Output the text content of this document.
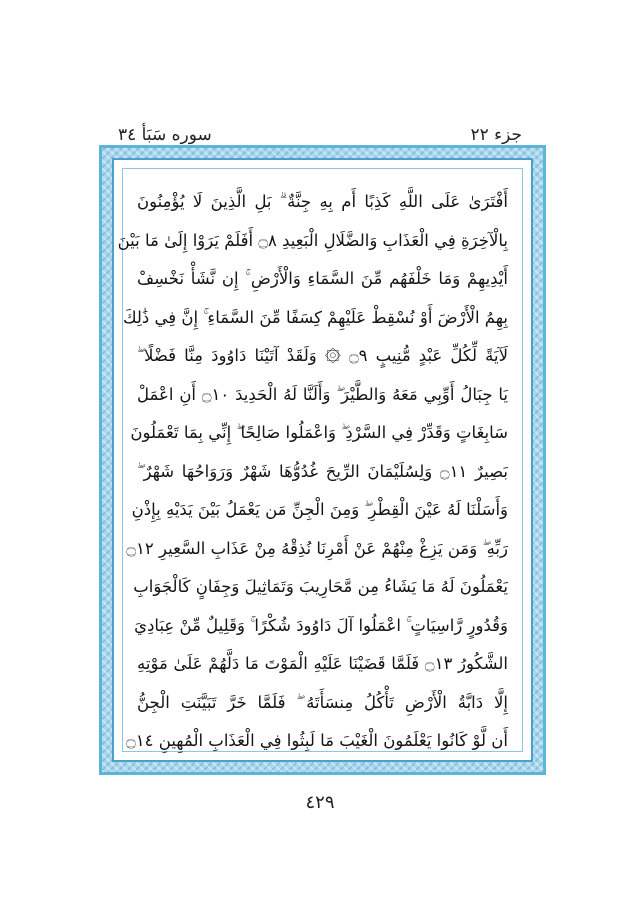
جزء ٢٢
سوره سَبَأ ٣٤
أَفْتَرَىٰ عَلَى اللَّهِ كَذِبًا أَم بِهِ جِنَّةٌ ۗ بَلِ الَّذِينَ لَا يُؤْمِنُونَ
بِالْآخِرَةِ فِي الْعَذَابِ وَالضَّلَالِ الْبَعِيدِ ۝٨ أَفَلَمْ يَرَوْا إِلَىٰ مَا بَيْنَ
أَيْدِيهِمْ وَمَا خَلْفَهُم مِّنَ السَّمَاءِ وَالْأَرْضِ ۚ إِن نَّشَأْ نَخْسِفْ
بِهِمُ الْأَرْضَ أَوْ نُسْقِطْ عَلَيْهِمْ كِسَفًا مِّنَ السَّمَاءِ ۚ إِنَّ فِي ذَٰلِكَ
لَآيَةً لِّكُلِّ عَبْدٍ مُّنِيبٍ ۝٩ ۞ وَلَقَدْ آتَيْنَا دَاوُودَ مِنَّا فَضْلًا ۖ
يَا جِبَالُ أَوِّبِي مَعَهُ وَالطَّيْرَ ۖ وَأَلَنَّا لَهُ الْحَدِيدَ ۝١٠ أَنِ اعْمَلْ
سَابِغَاتٍ وَقَدِّرْ فِي السَّرْدِ ۖ وَاعْمَلُوا صَالِحًا ۖ إِنِّي بِمَا تَعْمَلُونَ
بَصِيرٌ ۝١١ وَلِسُلَيْمَانَ الرِّيحَ غُدُوُّهَا شَهْرٌ وَرَوَاحُهَا شَهْرٌ ۖ
وَأَسَلْنَا لَهُ عَيْنَ الْقِطْرِ ۖ وَمِنَ الْجِنِّ مَن يَعْمَلُ بَيْنَ يَدَيْهِ بِإِذْنِ
رَبِّهِ ۖ وَمَن يَزِغْ مِنْهُمْ عَنْ أَمْرِنَا نُذِقْهُ مِنْ عَذَابِ السَّعِيرِ ۝١٢
يَعْمَلُونَ لَهُ مَا يَشَاءُ مِن مَّحَارِيبَ وَتَمَاثِيلَ وَجِفَانٍ كَالْجَوَابِ
وَقُدُورٍ رَّاسِيَاتٍ ۚ اعْمَلُوا آلَ دَاوُودَ شُكْرًا ۚ وَقَلِيلٌ مِّنْ عِبَادِيَ
الشَّكُورُ ۝١٣ فَلَمَّا قَضَيْنَا عَلَيْهِ الْمَوْتَ مَا دَلَّهُمْ عَلَىٰ مَوْتِهِ
إِلَّا دَابَّةُ الْأَرْضِ تَأْكُلُ مِنسَأَتَهُ ۖ فَلَمَّا خَرَّ تَبَيَّنَتِ الْجِنُّ
أَن لَّوْ كَانُوا يَعْلَمُونَ الْغَيْبَ مَا لَبِثُوا فِي الْعَذَابِ الْمُهِينِ ۝١٤
٤٢٩
